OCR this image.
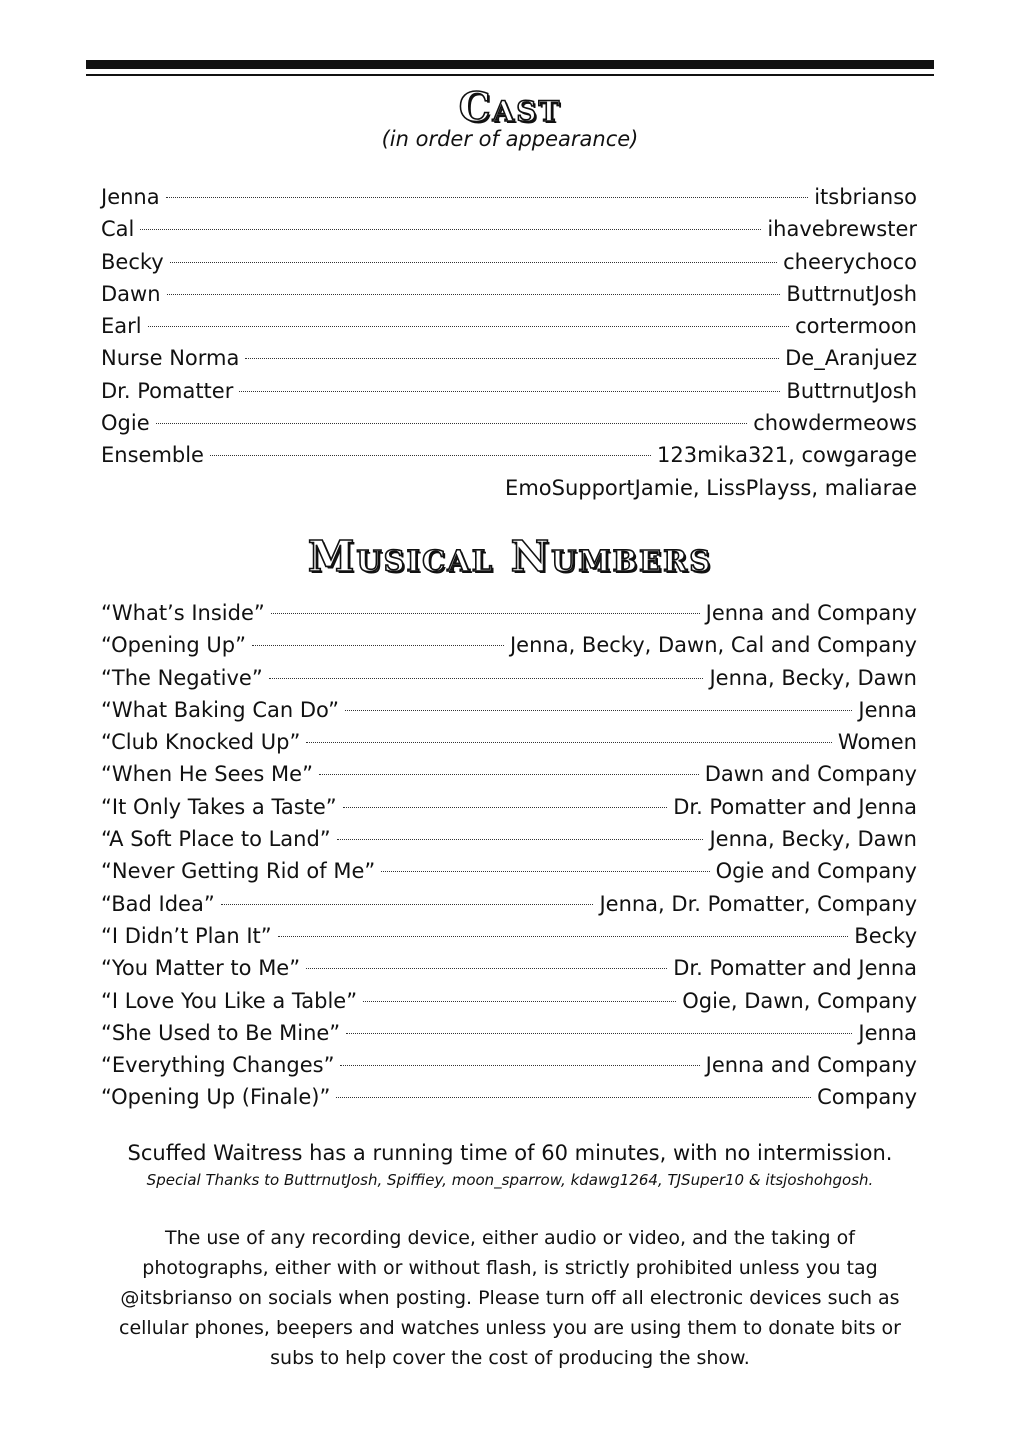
Cast
(in order of appearance)
Jenna	itsbrianso
Cal	ihavebrewster
Becky	cheerychoco
Dawn	ButtrnutJosh
Earl	cortermoon
Nurse Norma	De_Aranjuez
Dr. Pomatter	ButtrnutJosh
Ogie	chowdermeows
Ensemble	123mika321, cowgarage
EmoSupportJamie, LissPlayss, maliarae
Musical Numbers
“What’s Inside”	Jenna and Company
“Opening Up”	Jenna, Becky, Dawn, Cal and Company
“The Negative”	Jenna, Becky, Dawn
“What Baking Can Do”	Jenna
“Club Knocked Up”	Women
“When He Sees Me”	Dawn and Company
“It Only Takes a Taste”	Dr. Pomatter and Jenna
“A Soft Place to Land”	Jenna, Becky, Dawn
“Never Getting Rid of Me”	Ogie and Company
“Bad Idea”	Jenna, Dr. Pomatter, Company
“I Didn’t Plan It”	Becky
“You Matter to Me”	Dr. Pomatter and Jenna
“I Love You Like a Table”	Ogie, Dawn, Company
“She Used to Be Mine”	Jenna
“Everything Changes”	Jenna and Company
“Opening Up (Finale)”	Company
Scuffed Waitress has a running time of 60 minutes, with no intermission.
Special Thanks to ButtrnutJosh, Spiffiey, moon_sparrow, kdawg1264, TJSuper10 & itsjoshohgosh.
The use of any recording device, either audio or video, and the taking of photographs, either with or without flash, is strictly prohibited unless you tag @itsbrianso on socials when posting. Please turn off all electronic devices such as cellular phones, beepers and watches unless you are using them to donate bits or subs to help cover the cost of producing the show.
